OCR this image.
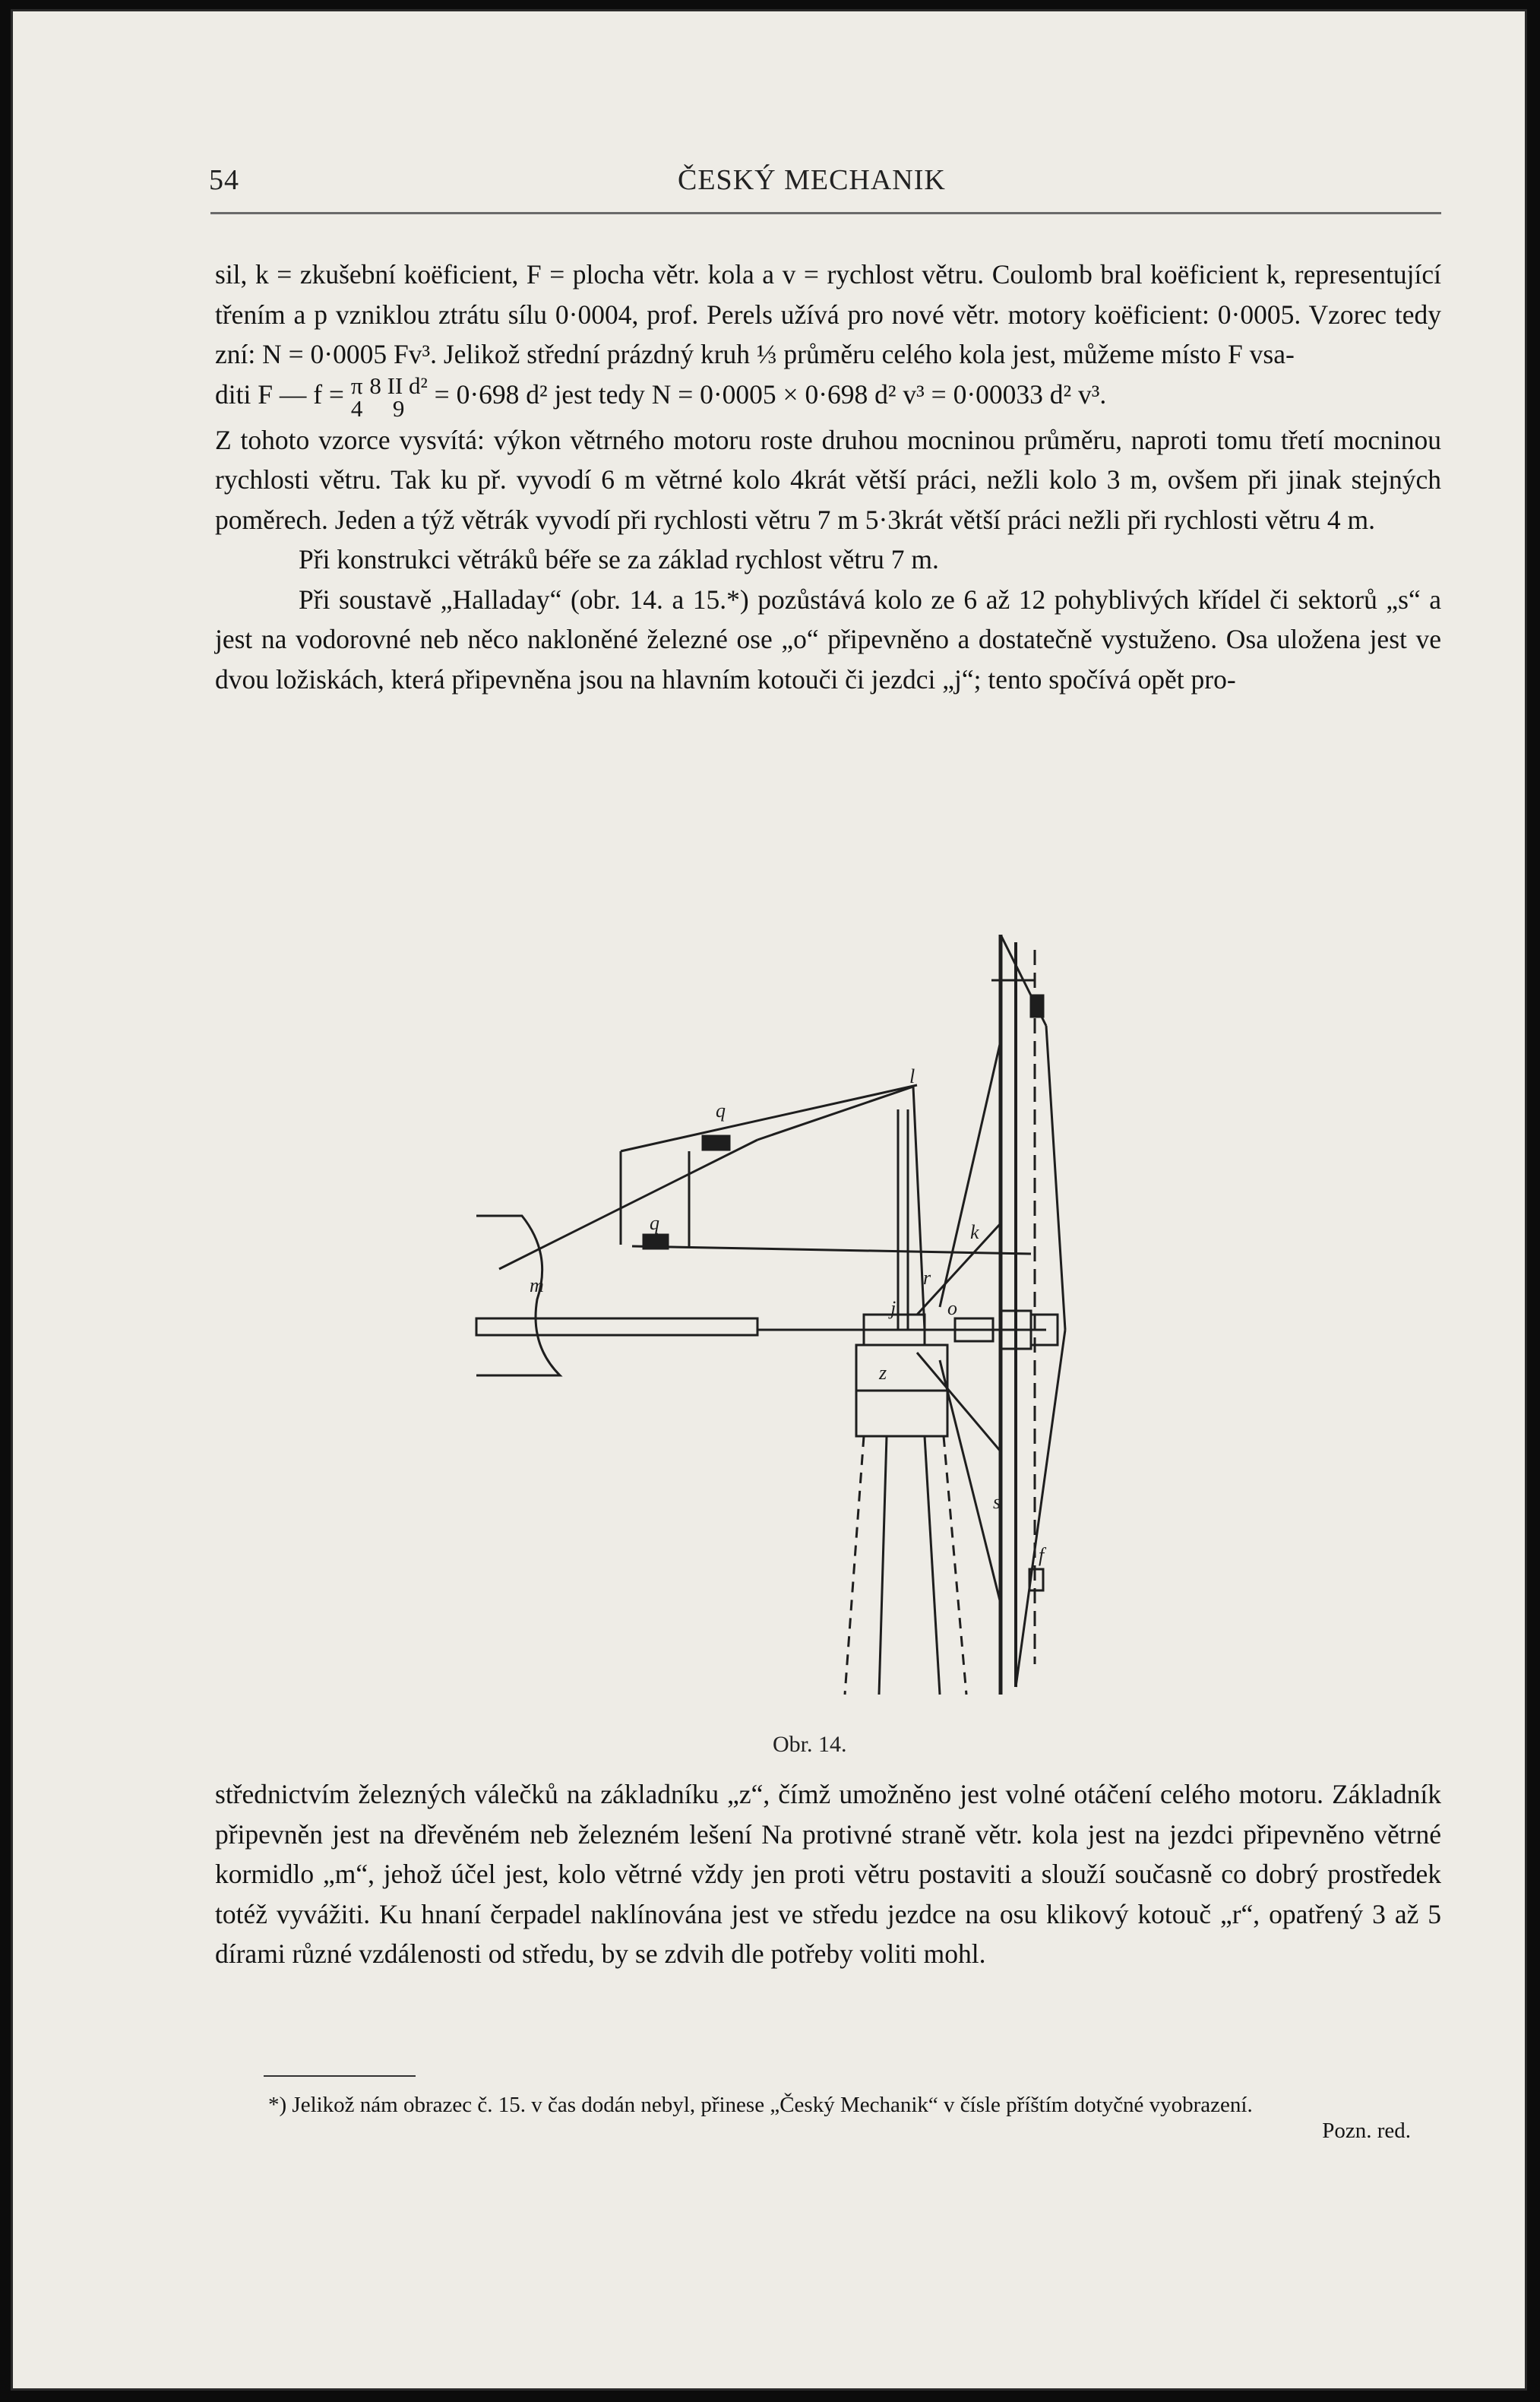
54	ČESKÝ MECHANIK

sil, k = zkušební koëficient, F = plocha větr. kola a v = rychlost větru. Coulomb bral koëficient k, representující třením a p vzniklou ztrátu sílu 0·0004, prof. Perels užívá pro nové větr. motory koëficient: 0·0005. Vzorec tedy zní: N = 0·0005 Fv³. Jelikož střední prázdný kruh ⅓ průměru celého kola jest, můžeme místo F vsa-

diti F — f = π
4

8 II d²
9	= 0·698 d² jest tedy N = 0·0005 × 0·698 d² v³ = 0·00033 d² v³.

Z tohoto vzorce vysvítá: výkon větrného motoru roste druhou mocninou průměru, naproti tomu třetí mocninou rychlosti větru. Tak ku př. vyvodí 6 m větrné kolo 4krát větší práci, nežli kolo 3 m, ovšem při jinak stejných poměrech. Jeden a týž větrák vyvodí při rychlosti větru 7 m 5·3krát větší práci nežli při rychlosti větru 4 m.

Při konstrukci větráků béře se za základ rychlost větru 7 m.

Při soustavě „Halladay“ (obr. 14. a 15.*) pozůstává kolo ze 6 až 12 pohyblivých křídel či sektorů „s“ a jest na vodorovné neb něco nakloněné železné ose „o“ připevněno a dostatečně vystuženo. Osa uložena jest ve dvou ložiskách, která připevněna jsou na hlavním kotouči či jezdci „j“; tento spočívá opět pro-

m
q
q
l
k
s
o
j
r
z
f
Obr. 14.

střednictvím železných válečků na základníku „z“, čímž umožněno jest volné otáčení celého motoru. Základník připevněn jest na dřevěném neb železném lešení Na protivné straně větr. kola jest na jezdci připevněno větrné kormidlo „m“, jehož účel jest, kolo větrné vždy jen proti větru postaviti a slouží současně co dobrý prostředek totéž vyvážiti. Ku hnaní čerpadel naklínována jest ve středu jezdce na osu klikový kotouč „r“, opatřený 3 až 5 dírami různé vzdálenosti od středu, by se zdvih dle potřeby voliti mohl.

*) Jelikož nám obrazec č. 15. v čas dodán nebyl, přinese „Český Mechanik“ v čísle příštím dotyčné vyobrazení.
Pozn. red.
